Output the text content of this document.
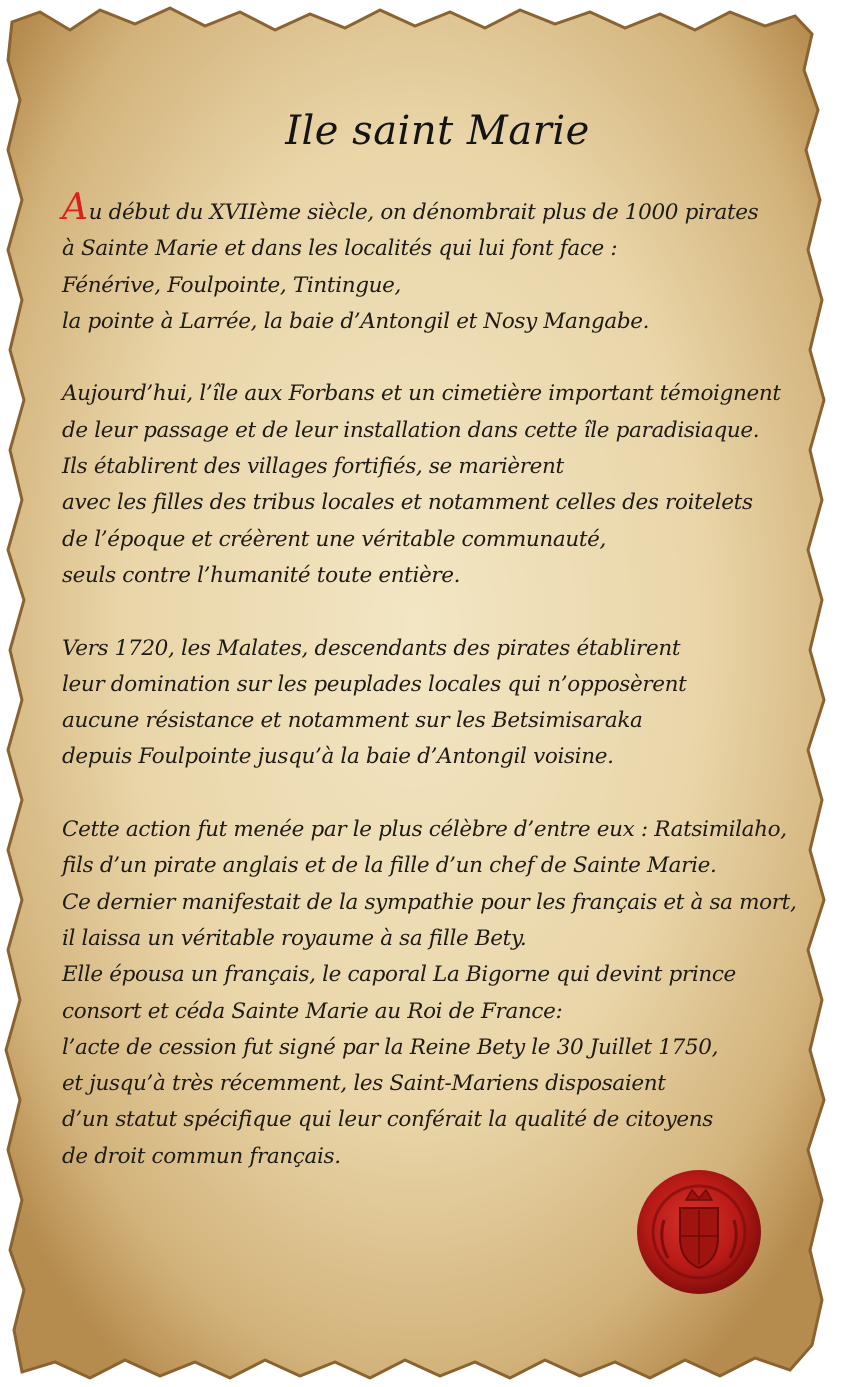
Ile saint Marie
Au début du XVIIème siècle, on dénombrait plus de 1000 pirates
à Sainte Marie et dans les localités qui lui font face :
Fénérive, Foulpointe, Tintingue,
la pointe à Larrée, la baie d’Antongil et Nosy Mangabe.
Aujourd’hui, l’île aux Forbans et un cimetière important témoignent
de leur passage et de leur installation dans cette île paradisiaque.
Ils établirent des villages fortifiés, se marièrent
avec les filles des tribus locales et notamment celles des roitelets
de l’époque et créèrent une véritable communauté,
seuls contre l’humanité toute entière.
Vers 1720, les Malates, descendants des pirates établirent
leur domination sur les peuplades locales qui n’opposèrent
aucune résistance et notamment sur les Betsimisaraka
depuis Foulpointe jusqu’à la baie d’Antongil voisine.
Cette action fut menée par le plus célèbre d’entre eux : Ratsimilaho,
fils d’un pirate anglais et de la fille d’un chef de Sainte Marie.
Ce dernier manifestait de la sympathie pour les français et à sa mort,
il laissa un véritable royaume à sa fille Bety.
Elle épousa un français, le caporal La Bigorne qui devint prince
consort et céda Sainte Marie au Roi de France:
l’acte de cession fut signé par la Reine Bety le 30 Juillet 1750,
et jusqu’à très récemment, les Saint-Mariens disposaient
d’un statut spécifique qui leur conférait la qualité de citoyens
de droit commun français.
